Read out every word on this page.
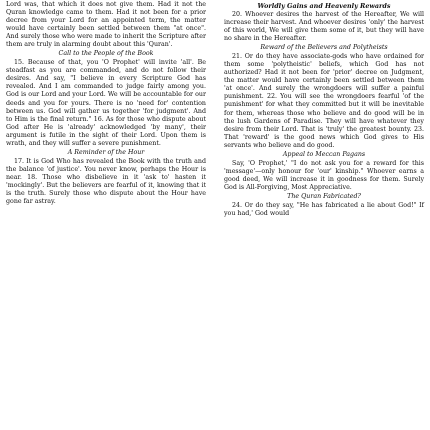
Lord was, that which it does not give them. Had it not the Quran knowledge came to them. Had it not been for a prior decree from your Lord for an appointed term, the matter would have certainly been settled between them "at once". And surely those who were made to inherit the Scripture after them are truly in alarming doubt about this 'Quran'.

Call to the People of the Book

15. Because of that, you 'O Prophet' will invite 'all'. Be steadfast as you are commanded, and do not follow their desires. And say, "I believe in every Scripture God has revealed. And I am commanded to judge fairly among you. God is our Lord and your Lord. We will be accountable for our deeds and you for yours. There is no 'need for' contention between us. God will gather us together 'for judgment'. And to Him is the final return." 16. As for those who dispute about God after He is 'already' acknowledged 'by many', their argument is futile in the sight of their Lord. Upon them is wrath, and they will suffer a severe punishment.

A Reminder of the Hour

17. It is God Who has revealed the Book with the truth and the balance 'of justice'. You never know, perhaps the Hour is near. 18. Those who disbelieve in it 'ask to' hasten it 'mockingly'. But the believers are fearful of it, knowing that it is the truth. Surely those who dispute about the Hour have gone far astray.

Worldly Gains and Heavenly Rewards

20. Whoever desires the harvest of the Hereafter, We will increase their harvest. And whoever desires 'only' the harvest of this world, We will give them some of it, but they will have no share in the Hereafter.

Reward of the Believers and Polytheists

21. Or do they have associate-gods who have ordained for them some 'polytheistic' beliefs, which God has not authorized? Had it not been for 'prior' decree on Judgment, the matter would have certainly been settled between them 'at once'. And surely the wrongdoers will suffer a painful punishment. 22. You will see the wrongdoers fearful 'of the punishment' for what they committed but it will be inevitable for them, whereas those who believe and do good will be in the lush Gardens of Paradise. They will have whatever they desire from their Lord. That is 'truly' the greatest bounty. 23. That 'reward' is the good news which God gives to His servants who believe and do good.

Appeal to Meccan Pagans

Say, 'O Prophet,' "I do not ask you for a reward for this 'message'—only honour for 'our' kinship." Whoever earns a good deed, We will increase it in goodness for them. Surely God is All-Forgiving, Most Appreciative.

The Quran Fabricated?

24. Or do they say, "He has fabricated a lie about God!" If you had,' God would
